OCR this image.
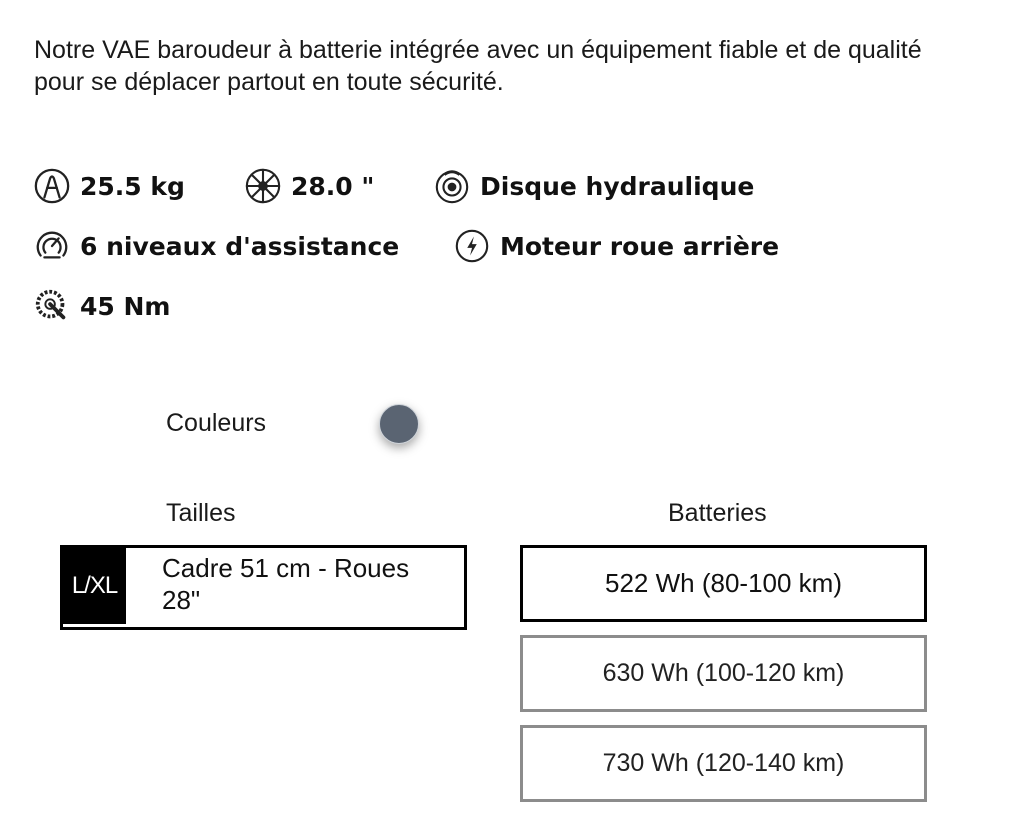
Notre VAE baroudeur à batterie intégrée avec un équipement fiable et de qualité pour se déplacer partout en toute sécurité.

25.5 kg	28.0 "	Disque hydraulique
6 niveaux d'assistance	Moteur roue arrière
45 Nm
Couleurs
Tailles
L/XL
Cadre 51 cm - Roues 28"
Batteries
522 Wh (80-100 km)
630 Wh (100-120 km)
730 Wh (120-140 km)
